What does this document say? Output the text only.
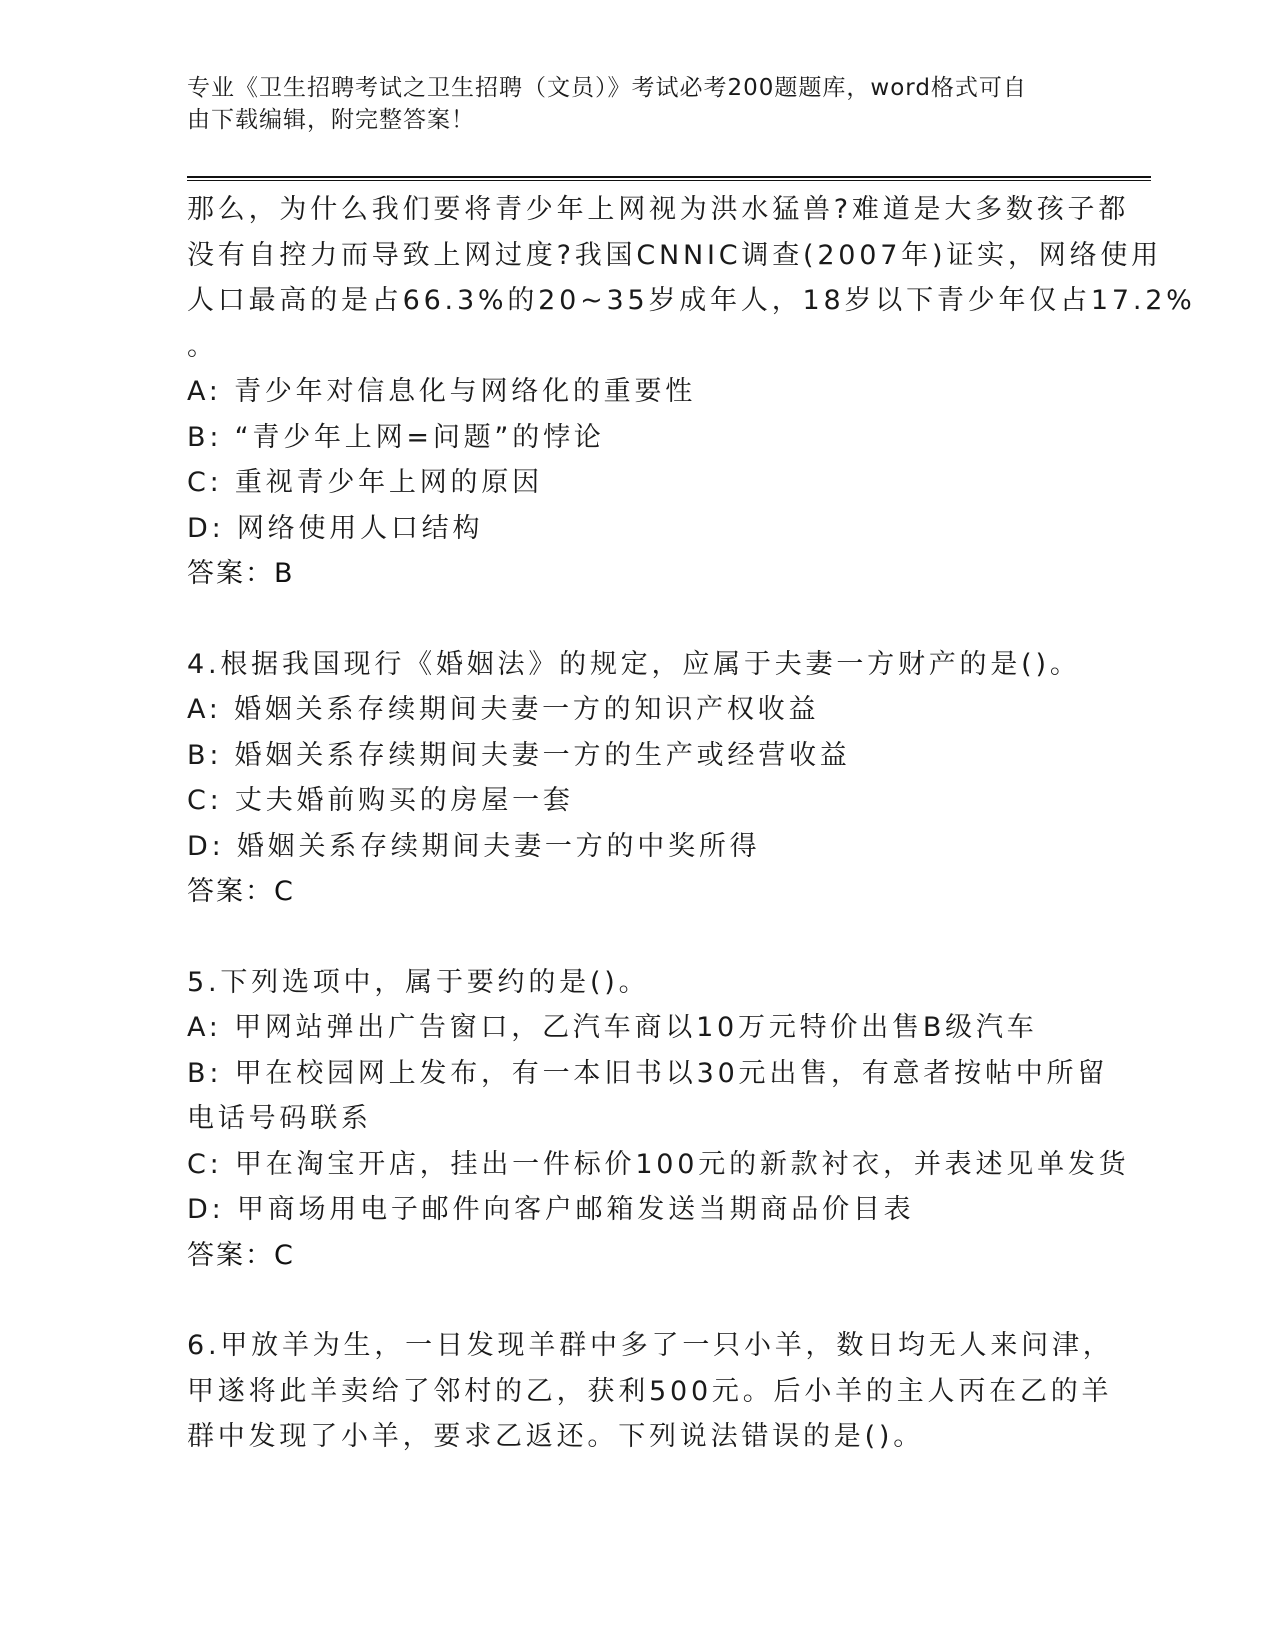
专业《卫生招聘考试之卫生招聘（文员）》考试必考200题题库，word格式可自
由下载编辑，附完整答案！
那么，为什么我们要将青少年上网视为洪水猛兽?难道是大多数孩子都
没有自控力而导致上网过度?我国CNNIC调查(2007年)证实，网络使用
人口最高的是占66.3%的20~35岁成年人，18岁以下青少年仅占17.2%
。
A: 青少年对信息化与网络化的重要性
B: “青少年上网=问题”的悖论
C: 重视青少年上网的原因
D: 网络使用人口结构
答案：B
4.根据我国现行《婚姻法》的规定，应属于夫妻一方财产的是()。
A: 婚姻关系存续期间夫妻一方的知识产权收益
B: 婚姻关系存续期间夫妻一方的生产或经营收益
C: 丈夫婚前购买的房屋一套
D: 婚姻关系存续期间夫妻一方的中奖所得
答案：C
5.下列选项中，属于要约的是()。
A: 甲网站弹出广告窗口，乙汽车商以10万元特价出售B级汽车
B: 甲在校园网上发布，有一本旧书以30元出售，有意者按帖中所留
电话号码联系
C: 甲在淘宝开店，挂出一件标价100元的新款衬衣，并表述见单发货
D: 甲商场用电子邮件向客户邮箱发送当期商品价目表
答案：C
6.甲放羊为生，一日发现羊群中多了一只小羊，数日均无人来问津，
甲遂将此羊卖给了邻村的乙，获利500元。后小羊的主人丙在乙的羊
群中发现了小羊，要求乙返还。下列说法错误的是()。
